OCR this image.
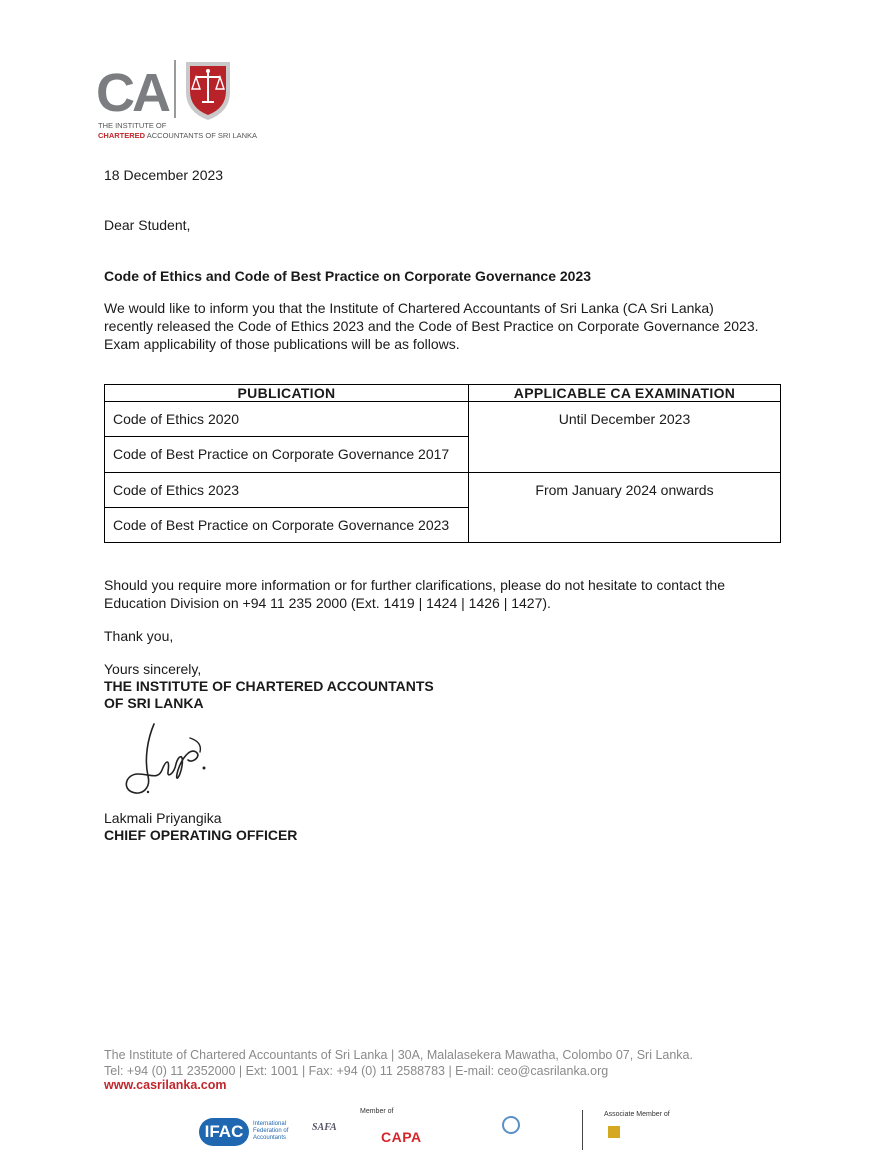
CA
THE INSTITUTE OF
CHARTERED ACCOUNTANTS OF SRI LANKA
18 December 2023
Dear Student,
Code of Ethics and Code of Best Practice on Corporate Governance 2023
We would like to inform you that the Institute of Chartered Accountants of Sri Lanka (CA Sri Lanka)
recently released the Code of Ethics 2023 and the Code of Best Practice on Corporate Governance 2023.
Exam applicability of those publications will be as follows.
PUBLICATION	APPLICABLE CA EXAMINATION
Code of Ethics 2020	Until December 2023
Code of Best Practice on Corporate Governance 2017	
Code of Ethics 2023	From January 2024 onwards
Code of Best Practice on Corporate Governance 2023	
Should you require more information or for further clarifications, please do not hesitate to contact the
Education Division on +94 11 235 2000 (Ext. 1419 | 1424 | 1426 | 1427).
Thank you,
Yours sincerely,
THE INSTITUTE OF CHARTERED ACCOUNTANTS
OF SRI LANKA
Lakmali Priyangika
CHIEF OPERATING OFFICER
The Institute of Chartered Accountants of Sri Lanka | 30A, Malalasekera Mawatha, Colombo 07, Sri Lanka.
Tel: +94 (0) 11 2352000 | Ext: 1001 | Fax: +94 (0) 11 2588783 | E-mail: ceo@casrilanka.org
www.casrilanka.com
Member of	Associate Member of
IFAC	International Federation of Accountants
SAFA
CAPA
